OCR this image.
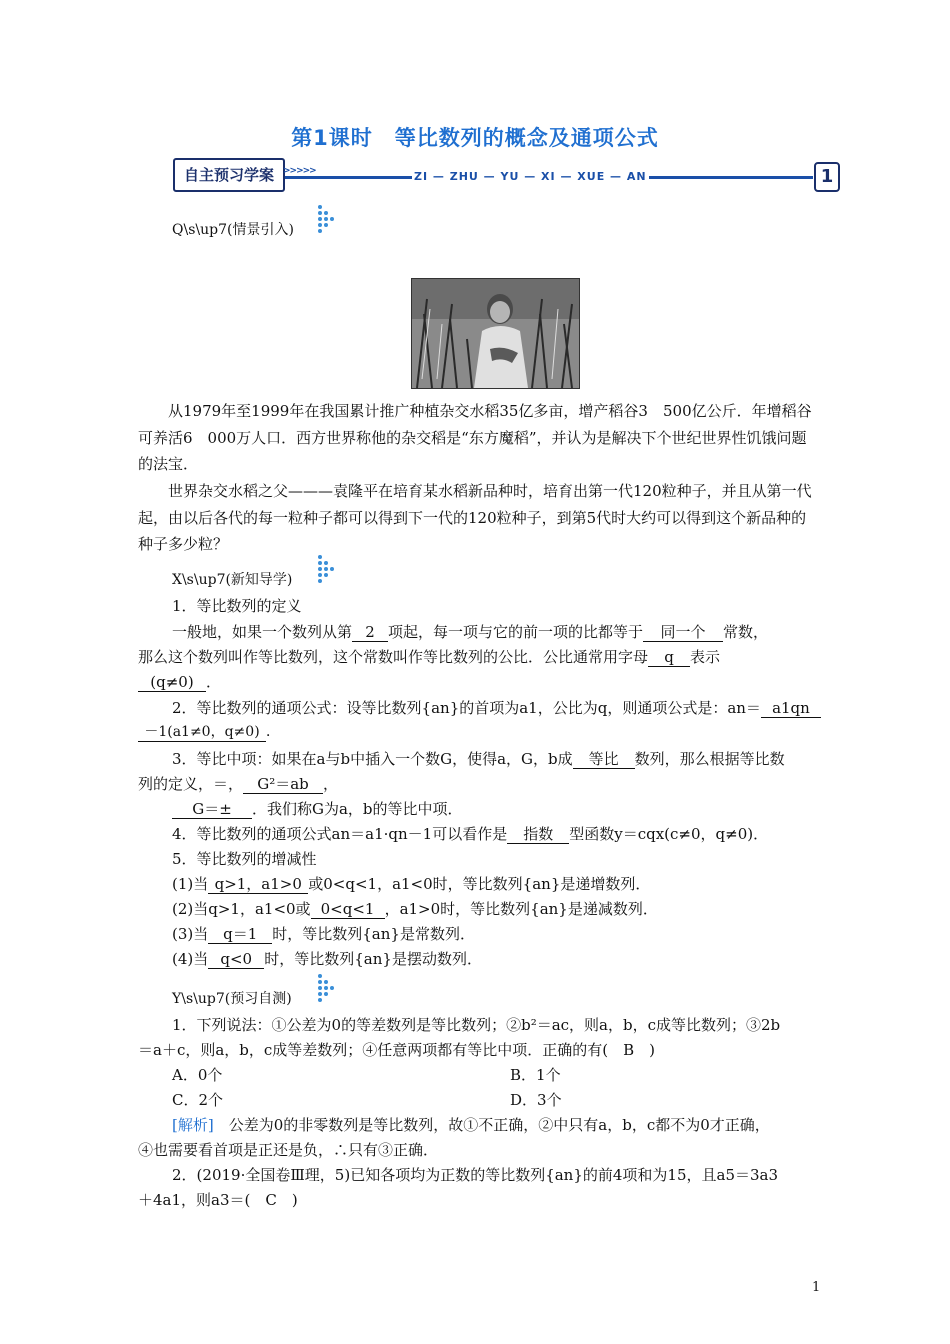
第1课时　等比数列的概念及通项公式
自主预习学案	>>>>>	ZI — ZHU — YU — XI — XUE — AN	1
Q\s\up7(情景引入)
从1979年至1999年在我国累计推广种植杂交水稻35亿多亩，增产稻谷3　500亿公斤．年增稻谷可养活6　000万人口．西方世界称他的杂交稻是“东方魔稻”，并认为是解决下个世纪世界性饥饿问题的法宝．
世界杂交水稻之父———袁隆平在培育某水稻新品种时，培育出第一代120粒种子，并且从第一代起，由以后各代的每一粒种子都可以得到下一代的120粒种子，到第5代时大约可以得到这个新品种的种子多少粒？
X\s\up7(新知导学)
1．等比数列的定义
一般地，如果一个数列从第 2 项起，每一项与它的前一项的比都等于 同一个 常数，
那么这个数列叫作等比数列，这个常数叫作等比数列的公比．公比通常用字母 q 表示
(q≠0) ．
2．等比数列的通项公式：设等比数列{an}的首项为a1，公比为q，则通项公式是：an＝ a1qn
－1(a1≠0，q≠0) ．
3．等比中项：如果在a与b中插入一个数G，使得a，G，b成 等比 数列，那么根据等比数
列的定义，＝， G²＝ab ，
G＝± ．我们称G为a，b的等比中项．
4．等比数列的通项公式an＝a1·qn－1可以看作是 指数 型函数y＝cqx(c≠0，q≠0)．
5．等比数列的增减性
(1)当 q>1，a1>0 或0<q<1，a1<0时，等比数列{an}是递增数列．
(2)当q>1，a1<0或 0<q<1 ，a1>0时，等比数列{an}是递减数列．
(3)当 q＝1 时，等比数列{an}是常数列．
(4)当 q<0 时，等比数列{an}是摆动数列．
Y\s\up7(预习自测)
1．下列说法：①公差为0的等差数列是等比数列；②b²＝ac，则a，b，c成等比数列；③2b
＝a＋c，则a，b，c成等差数列；④任意两项都有等比中项．正确的有(　B　)
A．0个	B．1个
C．2个	D．3个
[解析]　 公差为0的非零数列是等比数列，故①不正确，②中只有a，b，c都不为0才正确，
④也需要看首项是正还是负，∴只有③正确．
2．(2019·全国卷Ⅲ理，5)已知各项均为正数的等比数列{an}的前4项和为15，且a5＝3a3
＋4a1，则a3＝(　C　)
1
